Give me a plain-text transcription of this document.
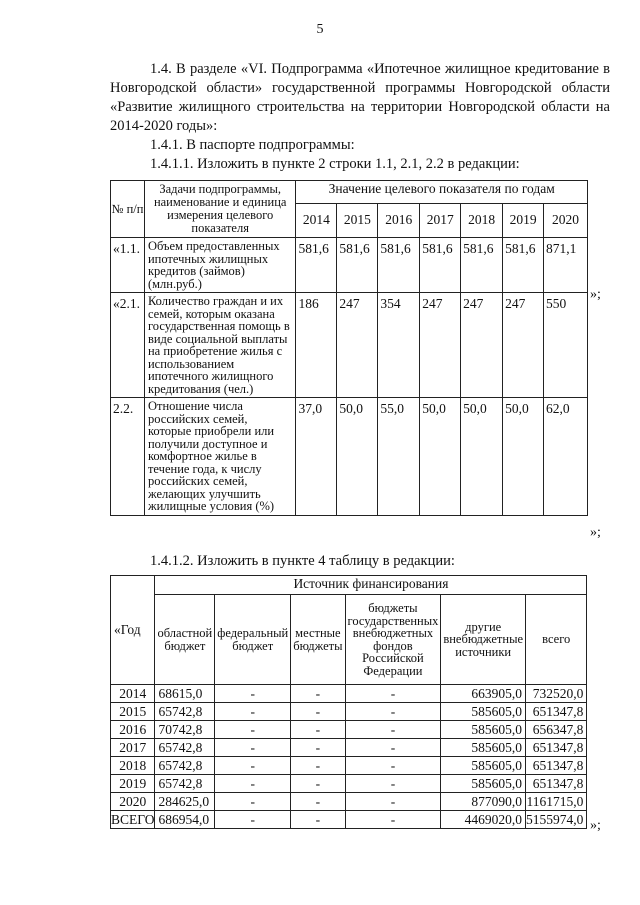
5
1.4. В разделе «VI. Подпрограмма «Ипотечное жилищное кредитование в Новгородской области» государственной программы Новгородской области «Развитие жилищного строительства на территории Новгородской области на 2014-2020 годы»:
1.4.1. В паспорте подпрограммы:
1.4.1.1. Изложить в пункте 2 строки 1.1, 2.1, 2.2 в редакции:
№ п/п	Задачи подпрограммы, наименование и единица измерения целевого показателя	Значение целевого показателя по годам						
		2014	2015	2016	2017	2018	2019	2020
«1.1.	Объем предоставленных ипотечных жилищных кредитов (займов) (млн.руб.)	581,6	581,6	581,6	581,6	581,6	581,6	871,1
«2.1.	Количество граждан и их семей, которым оказана государственная помощь в виде социальной выплаты на приобретение жилья с использованием ипотечного жилищного кредитования (чел.)	186	247	354	247	247	247	550
2.2.	Отношение числа российских семей, которые приобрели или получили доступное и комфортное жилье в течение года, к числу российских семей, желающих улучшить жилищные условия (%)	37,0	50,0	55,0	50,0	50,0	50,0	62,0
»;
»;
1.4.1.2. Изложить в пункте 4 таблицу в редакции:
«Год	Источник финансирования					
	областной бюджет	федеральный бюджет	местные бюджеты	бюджеты государственных внебюджетных фондов Российской Федерации	другие внебюджетные источники	всего
2014	68615,0	-	-	-	663905,0	732520,0
2015	65742,8	-	-	-	585605,0	651347,8
2016	70742,8	-	-	-	585605,0	656347,8
2017	65742,8	-	-	-	585605,0	651347,8
2018	65742,8	-	-	-	585605,0	651347,8
2019	65742,8	-	-	-	585605,0	651347,8
2020	284625,0	-	-	-	877090,0	1161715,0
ВСЕГО	686954,0	-	-	-	4469020,0	5155974,0 »;
